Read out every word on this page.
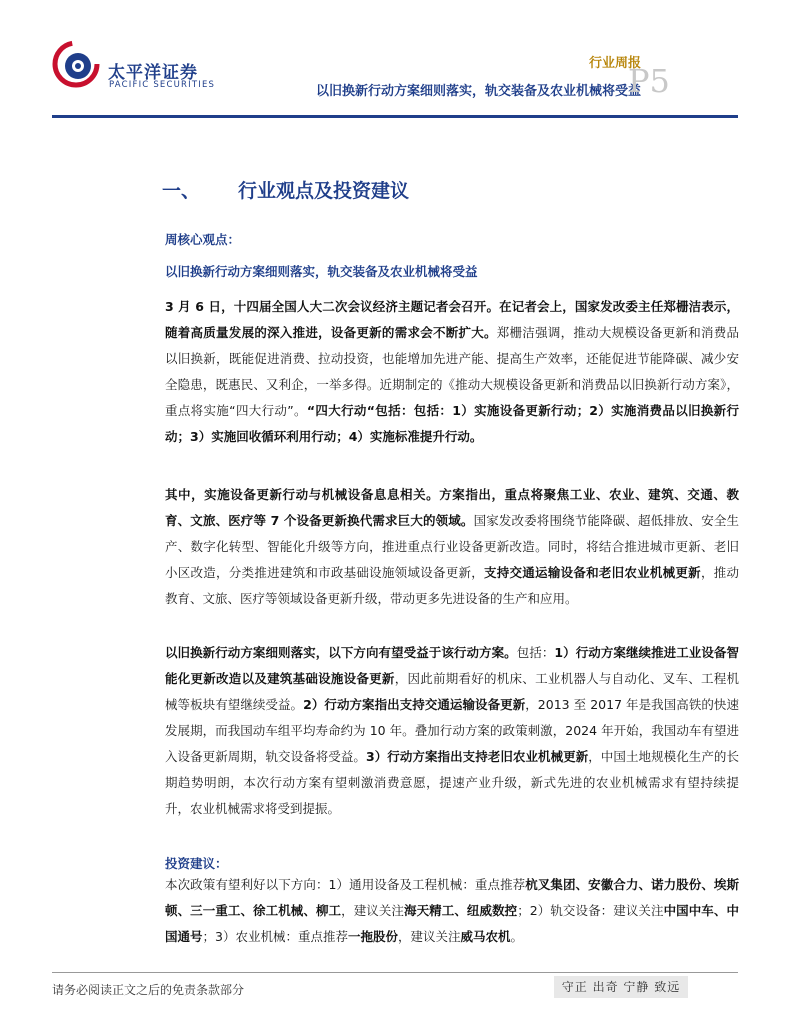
太平洋证券
PACIFIC SECURITIES
行业周报
以旧换新行动方案细则落实，轨交装备及农业机械将受益
P5
一、 行业观点及投资建议
周核心观点：
以旧换新行动方案细则落实，轨交装备及农业机械将受益
3 月 6 日，十四届全国人大二次会议经济主题记者会召开。在记者会上，国家发改委主任郑栅洁表示，随着高质量发展的深入推进，设备更新的需求会不断扩大。郑栅洁强调，推动大规模设备更新和消费品以旧换新，既能促进消费、拉动投资，也能增加先进产能、提高生产效率，还能促进节能降碳、减少安全隐患，既惠民、又利企，一举多得。近期制定的《推动大规模设备更新和消费品以旧换新行动方案》，重点将实施“四大行动”。“四大行动“包括：包括：1）实施设备更新行动；2）实施消费品以旧换新行动；3）实施回收循环利用行动；4）实施标准提升行动。
其中，实施设备更新行动与机械设备息息相关。方案指出，重点将聚焦工业、农业、建筑、交通、教育、文旅、医疗等 7 个设备更新换代需求巨大的领域。国家发改委将围绕节能降碳、超低排放、安全生产、数字化转型、智能化升级等方向，推进重点行业设备更新改造。同时，将结合推进城市更新、老旧小区改造，分类推进建筑和市政基础设施领域设备更新，支持交通运输设备和老旧农业机械更新，推动教育、文旅、医疗等领域设备更新升级，带动更多先进设备的生产和应用。
以旧换新行动方案细则落实，以下方向有望受益于该行动方案。包括：1）行动方案继续推进工业设备智能化更新改造以及建筑基础设施设备更新，因此前期看好的机床、工业机器人与自动化、叉车、工程机械等板块有望继续受益。2）行动方案指出支持交通运输设备更新，2013 至 2017 年是我国高铁的快速发展期，而我国动车组平均寿命约为 10 年。叠加行动方案的政策刺激，2024 年开始，我国动车有望进入设备更新周期，轨交设备将受益。3）行动方案指出支持老旧农业机械更新，中国土地规模化生产的长期趋势明朗，本次行动方案有望刺激消费意愿，提速产业升级，新式先进的农业机械需求有望持续提升，农业机械需求将受到提振。
投资建议：
本次政策有望利好以下方向：1）通用设备及工程机械：重点推荐杭叉集团、安徽合力、诺力股份、埃斯顿、三一重工、徐工机械、柳工，建议关注海天精工、纽威数控；2）轨交设备：建议关注中国中车、中国通号；3）农业机械：重点推荐一拖股份，建议关注威马农机。
请务必阅读正文之后的免责条款部分	守正 出奇 宁静 致远
